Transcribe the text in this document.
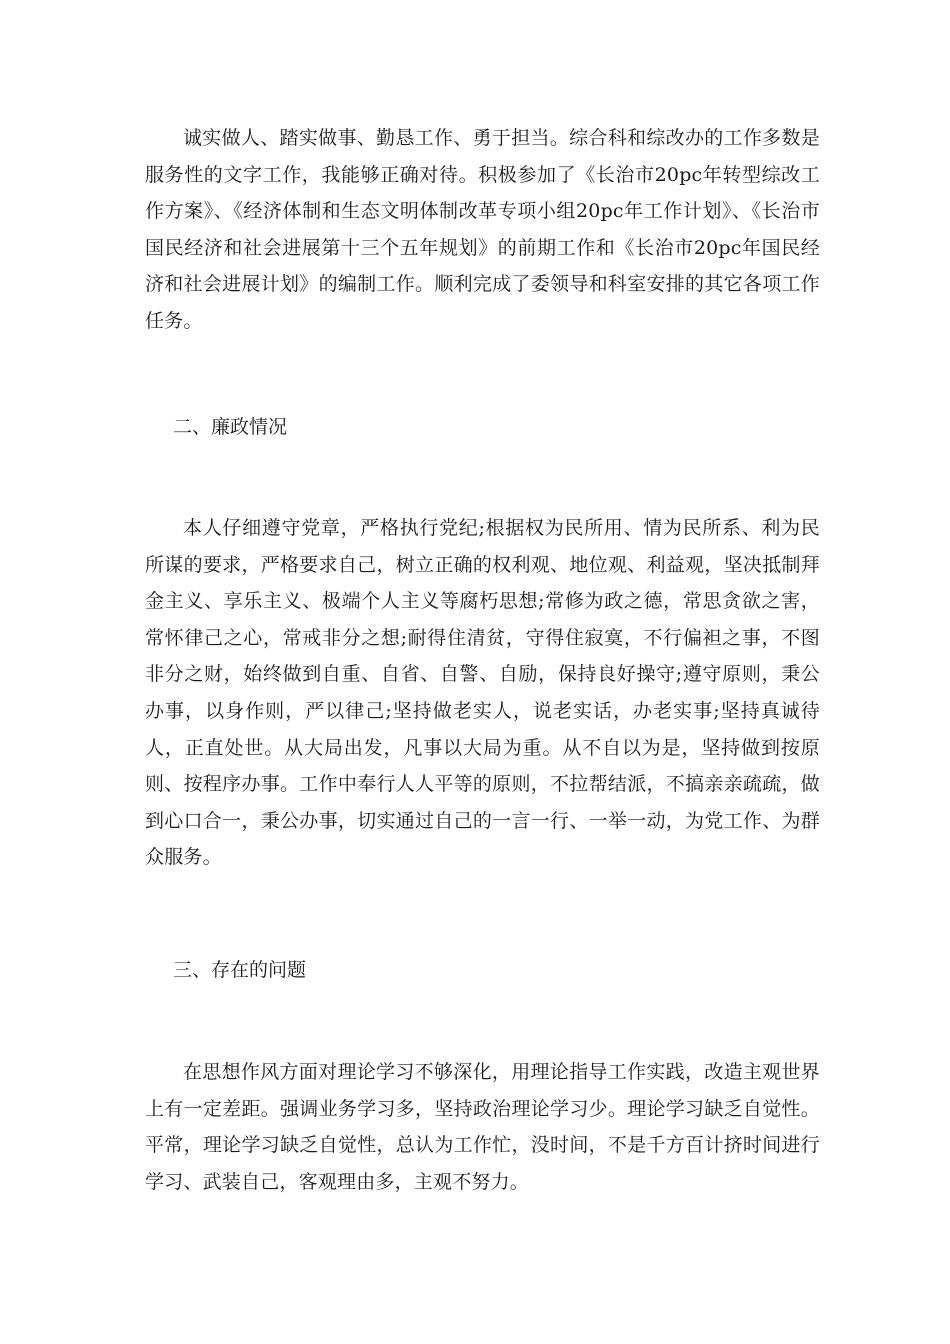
诚实做人、踏实做事、勤恳工作、勇于担当。综合科和综改办的工作多数是服务性的文字工作，我能够正确对待。积极参加了《长治市20pc年转型综改工作方案》、《经济体制和生态文明体制改革专项小组20pc年工作计划》、《长治市国民经济和社会进展第十三个五年规划》的前期工作和《长治市20pc年国民经济和社会进展计划》的编制工作。顺利完成了委领导和科室安排的其它各项工作任务。

二、廉政情况

本人仔细遵守党章，严格执行党纪;根据权为民所用、情为民所系、利为民所谋的要求，严格要求自己，树立正确的权利观、地位观、利益观，坚决抵制拜金主义、享乐主义、极端个人主义等腐朽思想;常修为政之德，常思贪欲之害，常怀律己之心，常戒非分之想;耐得住清贫，守得住寂寞，不行偏袒之事，不图非分之财，始终做到自重、自省、自警、自励，保持良好操守;遵守原则，秉公办事，以身作则，严以律己;坚持做老实人，说老实话，办老实事;坚持真诚待人，正直处世。从大局出发，凡事以大局为重。从不自以为是，坚持做到按原则、按程序办事。工作中奉行人人平等的原则，不拉帮结派，不搞亲亲疏疏，做到心口合一，秉公办事，切实通过自己的一言一行、一举一动，为党工作、为群众服务。

三、存在的问题

在思想作风方面对理论学习不够深化，用理论指导工作实践，改造主观世界上有一定差距。强调业务学习多，坚持政治理论学习少。理论学习缺乏自觉性。平常，理论学习缺乏自觉性，总认为工作忙，没时间，不是千方百计挤时间进行学习、武装自己，客观理由多，主观不努力。
